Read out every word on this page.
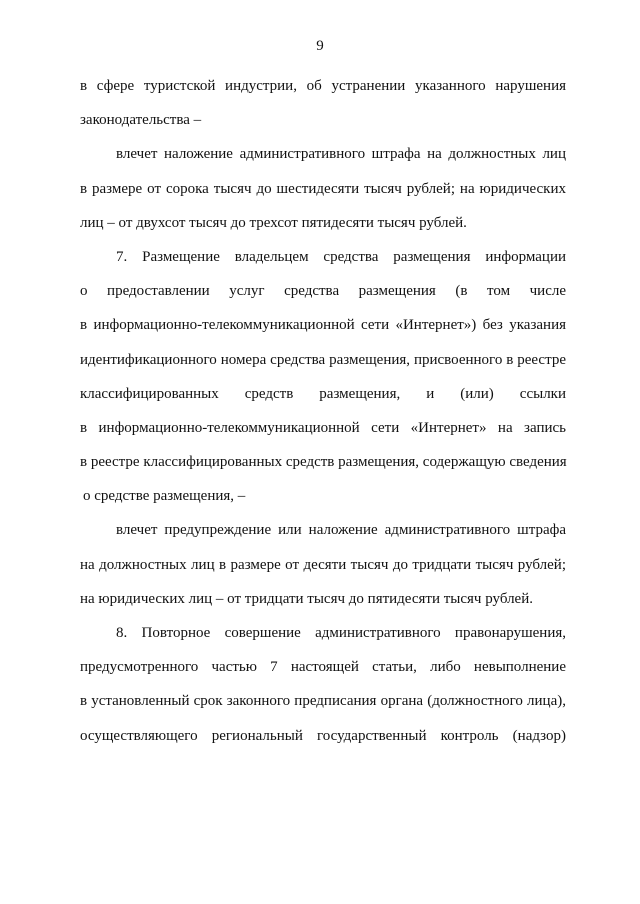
9
в сфере туристской индустрии, об устранении указанного нарушения
законодательства –
влечет наложение административного штрафа на должностных лиц
в размере от сорока тысяч до шестидесяти тысяч рублей; на юридических
лиц – от двухсот тысяч до трехсот пятидесяти тысяч рублей.
7. Размещение владельцем средства размещения информации
о предоставлении услуг средства размещения (в том числе
в информационно-телекоммуникационной сети «Интернет») без указания
идентификационного номера средства размещения, присвоенного в реестре
классифицированных средств размещения, и (или) ссылки
в информационно-телекоммуникационной сети «Интернет» на запись
в реестре классифицированных средств размещения, содержащую сведения
о средстве размещения, –
влечет предупреждение или наложение административного штрафа
на должностных лиц в размере от десяти тысяч до тридцати тысяч рублей;
на юридических лиц – от тридцати тысяч до пятидесяти тысяч рублей.
8. Повторное совершение административного правонарушения,
предусмотренного частью 7 настоящей статьи, либо невыполнение
в установленный срок законного предписания органа (должностного лица),
осуществляющего региональный государственный контроль (надзор)
